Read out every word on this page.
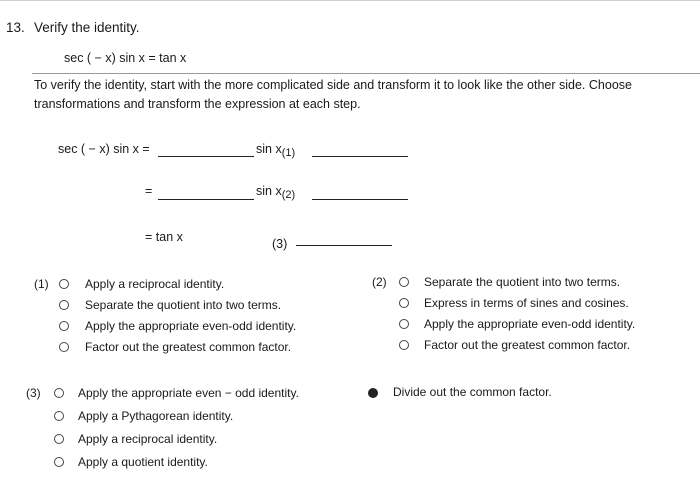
13. Verify the identity.
sec ( − x) sin x = tan x
To verify the identity, start with the more complicated side and transform it to look like the other side. Choose
transformations and transform the expression at each step.
sec ( − x) sin x =	sin x(1)
=	sin x(2)
= tan x	(3)
(1)	Apply a reciprocal identity.
Separate the quotient into two terms.
Apply the appropriate even-odd identity.
Factor out the greatest common factor.
(2)	Separate the quotient into two terms.
Express in terms of sines and cosines.
Apply the appropriate even-odd identity.
Factor out the greatest common factor.
(3)	Apply the appropriate even − odd identity.	Divide out the common factor.
Apply a Pythagorean identity.
Apply a reciprocal identity.
Apply a quotient identity.
